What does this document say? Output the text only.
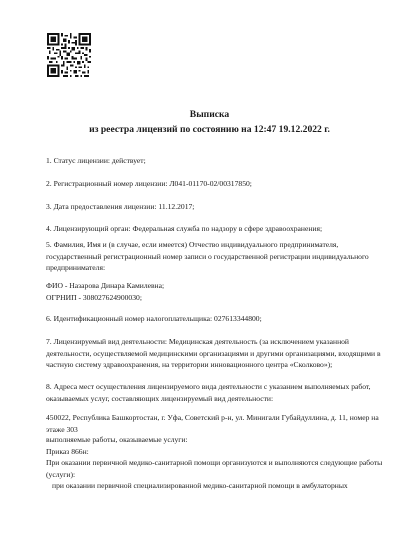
Выписка
из реестра лицензий по состоянию на 12:47 19.12.2022 г.
1. Статус лицензии: действует;
2. Регистрационный номер лицензии: Л041-01170-02/00317850;
3. Дата предоставления лицензии: 11.12.2017;
4. Лицензирующий орган: Федеральная служба по надзору в сфере здравоохранения;
5. Фамилия, Имя и (в случае, если имеется) Отчество индивидуального предпринимателя, государственный регистрационный номер записи о государственной регистрации индивидуального предпринимателя:
ФИО - Назарова Динара Камилевна;
ОГРНИП - 308027624900030;
6. Идентификационный номер налогоплательщика: 027613344800;
7. Лицензируемый вид деятельности: Медицинская деятельность (за исключением указанной деятельности, осуществляемой медицинскими организациями и другими организациями, входящими в частную систему здравоохранения, на территории инновационного центра «Сколково»);
8. Адреса мест осуществления лицензируемого вида деятельности с указанием выполняемых работ, оказываемых услуг, составляющих лицензируемый вид деятельности:
450022, Республика Башкортостан, г. Уфа, Советский р-н, ул. Минигали Губайдуллина, д. 11, номер на этаже 303
выполняемые работы, оказываемые услуги:
Приказ 866н:
При оказании первичной медико-санитарной помощи организуются и выполняются следующие работы (услуги):
при оказании первичной специализированной медико-санитарной помощи в амбулаторных
